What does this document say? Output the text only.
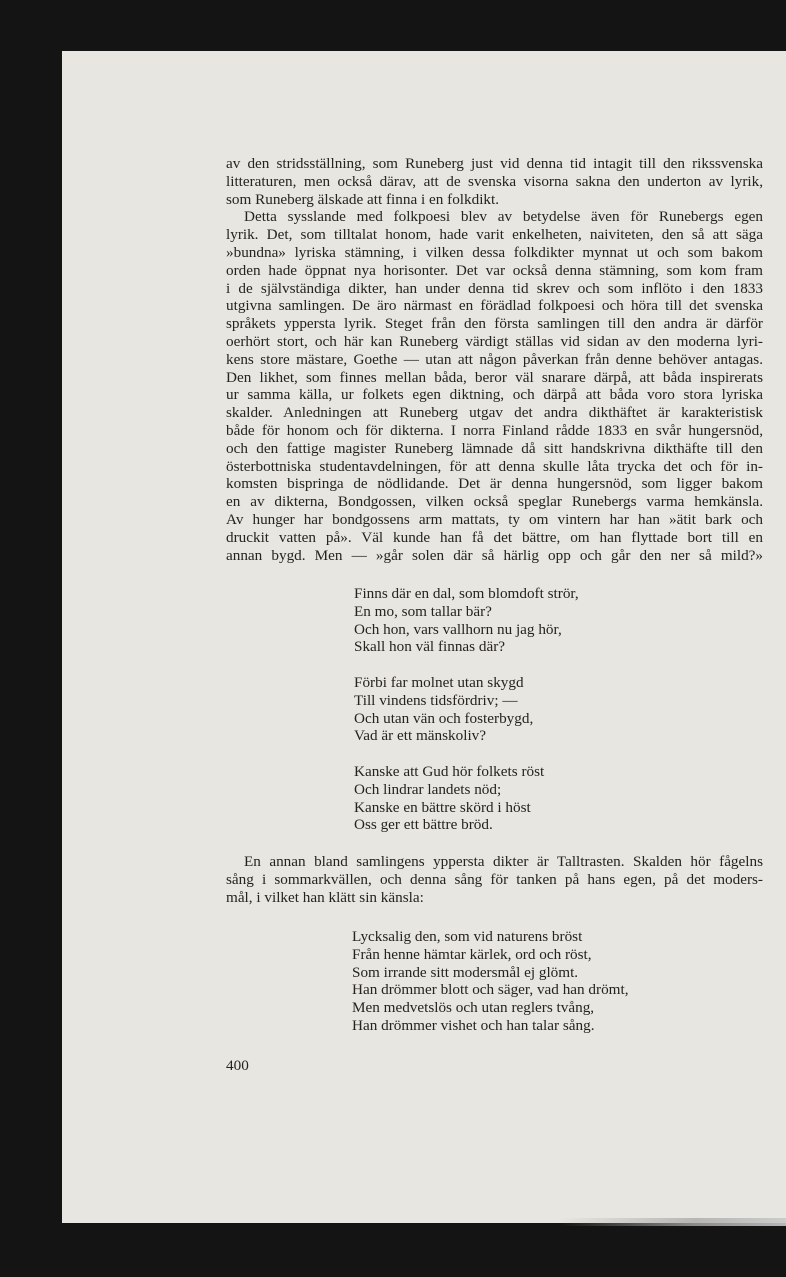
av den stridsställning, som Runeberg just vid denna tid intagit till den rikssvenska
litteraturen, men också därav, att de svenska visorna sakna den underton av lyrik,
som Runeberg älskade att finna i en folkdikt.

Detta sysslande med folkpoesi blev av betydelse även för Runebergs egen
lyrik. Det, som tilltalat honom, hade varit enkelheten, naiviteten, den så att säga
»bundna» lyriska stämning, i vilken dessa folkdikter mynnat ut och som bakom
orden hade öppnat nya horisonter. Det var också denna stämning, som kom fram
i de självständiga dikter, han under denna tid skrev och som inflöto i den 1833
utgivna samlingen. De äro närmast en förädlad folkpoesi och höra till det svenska
språkets yppersta lyrik. Steget från den första samlingen till den andra är därför
oerhört stort, och här kan Runeberg värdigt ställas vid sidan av den moderna lyri-
kens store mästare, Goethe — utan att någon påverkan från denne behöver antagas.
Den likhet, som finnes mellan båda, beror väl snarare därpå, att båda inspirerats
ur samma källa, ur folkets egen diktning, och därpå att båda voro stora lyriska
skalder. Anledningen att Runeberg utgav det andra dikthäftet är karakteristisk
både för honom och för dikterna. I norra Finland rådde 1833 en svår hungersnöd,
och den fattige magister Runeberg lämnade då sitt handskrivna dikthäfte till den
österbottniska studentavdelningen, för att denna skulle låta trycka det och för in-
komsten bispringa de nödlidande. Det är denna hungersnöd, som ligger bakom
en av dikterna, Bondgossen, vilken också speglar Runebergs varma hemkänsla.
Av hunger har bondgossens arm mattats, ty om vintern har han »ätit bark och
druckit vatten på». Väl kunde han få det bättre, om han flyttade bort till en
annan bygd. Men — »går solen där så härlig opp och går den ner så mild?»

Finns där en dal, som blomdoft strör,
En mo, som tallar bär?
Och hon, vars vallhorn nu jag hör,
Skall hon väl finnas där?
Förbi far molnet utan skygd
Till vindens tidsfördriv; —
Och utan vän och fosterbygd,
Vad är ett mänskoliv?
Kanske att Gud hör folkets röst
Och lindrar landets nöd;
Kanske en bättre skörd i höst
Oss ger ett bättre bröd.

En annan bland samlingens yppersta dikter är Talltrasten. Skalden hör fågelns
sång i sommarkvällen, och denna sång för tanken på hans egen, på det moders-
mål, i vilket han klätt sin känsla:

Lycksalig den, som vid naturens bröst
Från henne hämtar kärlek, ord och röst,
Som irrande sitt modersmål ej glömt.
Han drömmer blott och säger, vad han drömt,
Men medvetslös och utan reglers tvång,
Han drömmer vishet och han talar sång.
400
